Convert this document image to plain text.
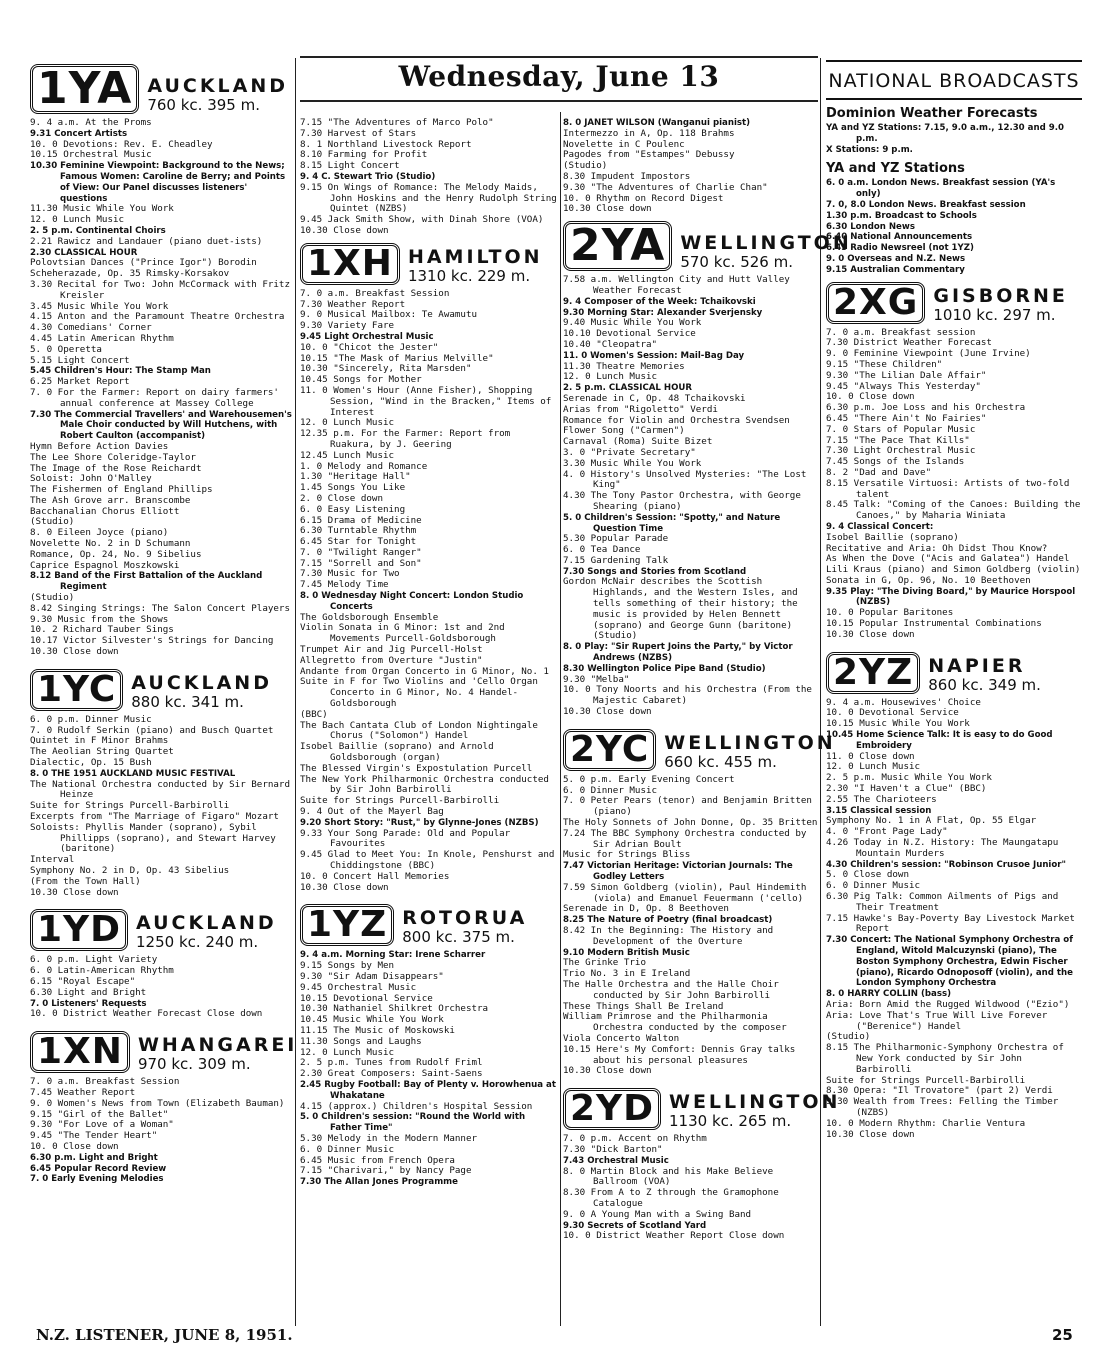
Wednesday, June 13
1YA AUCKLAND
760 kc. 395 m.

9. 4 a.m. At the Proms

9.31 Concert Artists

10. 0 Devotions: Rev. E. Cheadley

10.15 Orchestral Music

10.30 Feminine Viewpoint: Background to the News; Famous Women: Caroline de Berry; and Points of View: Our Panel discusses listeners' questions

11.30 Music While You Work

12. 0 Lunch Music

2. 5 p.m. Continental Choirs

2.21 Rawicz and Landauer (piano duet-ists)

2.30 CLASSICAL HOUR

Polovtsian Dances ("Prince Igor") Borodin

Scheherazade, Op. 35 Rimsky-Korsakov

3.30 Recital for Two: John McCormack with Fritz Kreisler

3.45 Music While You Work

4.15 Anton and the Paramount Theatre Orchestra

4.30 Comedians' Corner

4.45 Latin American Rhythm

5. 0 Operetta

5.15 Light Concert

5.45 Children's Hour: The Stamp Man

6.25 Market Report

7. 0 For the Farmer: Report on dairy farmers' annual conference at Massey College

7.30 The Commercial Travellers' and Warehousemen's Male Choir conducted by Will Hutchens, with Robert Caulton (accompanist)

Hymn Before Action Davies

The Lee Shore Coleridge-Taylor

The Image of the Rose Reichardt

Soloist: John O'Malley

The Fishermen of England Phillips

The Ash Grove arr. Branscombe

Bacchanalian Chorus Elliott

(Studio)

8. 0 Eileen Joyce (piano)

Novelette No. 2 in D Schumann

Romance, Op. 24, No. 9 Sibelius

Caprice Espagnol Moszkowski

8.12 Band of the First Battalion of the Auckland Regiment

(Studio)

8.42 Singing Strings: The Salon Concert Players

9.30 Music from the Shows

10. 2 Richard Tauber Sings

10.17 Victor Silvester's Strings for Dancing

10.30 Close down

1YC AUCKLAND
880 kc. 341 m.

6. 0 p.m. Dinner Music

7. 0 Rudolf Serkin (piano) and Busch Quartet

Quintet in F Minor Brahms

The Aeolian String Quartet

Dialectic, Op. 15 Bush

8. 0 THE 1951 AUCKLAND MUSIC FESTIVAL

The National Orchestra conducted by Sir Bernard Heinze

Suite for Strings Purcell-Barbirolli

Excerpts from "The Marriage of Figaro" Mozart

Soloists: Phyllis Mander (soprano), Sybil Phillipps (soprano), and Stewart Harvey (baritone)

Interval

Symphony No. 2 in D, Op. 43 Sibelius

(From the Town Hall)

10.30 Close down

1YD AUCKLAND
1250 kc. 240 m.

6. 0 p.m. Light Variety

6. 0 Latin-American Rhythm

6.15 "Royal Escape"

6.30 Light and Bright

7. 0 Listeners' Requests

10. 0 District Weather Forecast Close down

1XN WHANGAREI
970 kc. 309 m.

7. 0 a.m. Breakfast Session

7.45 Weather Report

9. 0 Women's News from Town (Elizabeth Bauman)

9.15 "Girl of the Ballet"

9.30 "For Love of a Woman"

9.45 "The Tender Heart"

10. 0 Close down

6.30 p.m. Light and Bright

6.45 Popular Record Review

7. 0 Early Evening Melodies

7.15 "The Adventures of Marco Polo"

7.30 Harvest of Stars

8. 1 Northland Livestock Report

8.10 Farming for Profit

8.15 Light Concert

9. 4 C. Stewart Trio (Studio)

9.15 On Wings of Romance: The Melody Maids, John Hoskins and the Henry Rudolph String Quintet (NZBS)

9.45 Jack Smith Show, with Dinah Shore (VOA)

10.30 Close down

1XH HAMILTON
1310 kc. 229 m.

7. 0 a.m. Breakfast Session

7.30 Weather Report

9. 0 Musical Mailbox: Te Awamutu

9.30 Variety Fare

9.45 Light Orchestral Music

10. 0 "Chicot the Jester"

10.15 "The Mask of Marius Melville"

10.30 "Sincerely, Rita Marsden"

10.45 Songs for Mother

11. 0 Women's Hour (Anne Fisher), Shopping Session, "Wind in the Bracken," Items of Interest

12. 0 Lunch Music

12.35 p.m. For the Farmer: Report from Ruakura, by J. Geering

12.45 Lunch Music

1. 0 Melody and Romance

1.30 "Heritage Hall"

1.45 Songs You Like

2. 0 Close down

6. 0 Easy Listening

6.15 Drama of Medicine

6.30 Turntable Rhythm

6.45 Star for Tonight

7. 0 "Twilight Ranger"

7.15 "Sorrell and Son"

7.30 Music for Two

7.45 Melody Time

8. 0 Wednesday Night Concert: London Studio Concerts

The Goldsborough Ensemble

Violin Sonata in G Minor: 1st and 2nd Movements Purcell-Goldsborough

Trumpet Air and Jig Purcell-Holst

Allegretto from Overture "Justin"

Andante from Organ Concerto in G Minor, No. 1

Suite in F for Two Violins and 'Cello Organ Concerto in G Minor, No. 4 Handel-Goldsborough

(BBC)

The Bach Cantata Club of London Nightingale Chorus ("Solomon") Handel

Isobel Baillie (soprano) and Arnold Goldsborough (organ)

The Blessed Virgin's Expostulation Purcell

The New York Philharmonic Orchestra conducted by Sir John Barbirolli

Suite for Strings Purcell-Barbirolli

9. 4 Out of the Mayerl Bag

9.20 Short Story: "Rust," by Glynne-Jones (NZBS)

9.33 Your Song Parade: Old and Popular Favourites

9.45 Glad to Meet You: In Knole, Penshurst and Chiddingstone (BBC)

10. 0 Concert Hall Memories

10.30 Close down

1YZ ROTORUA
800 kc. 375 m.

9. 4 a.m. Morning Star: Irene Scharrer

9.15 Songs by Men

9.30 "Sir Adam Disappears"

9.45 Orchestral Music

10.15 Devotional Service

10.30 Nathaniel Shilkret Orchestra

10.45 Music While You Work

11.15 The Music of Moskowski

11.30 Songs and Laughs

12. 0 Lunch Music

2. 5 p.m. Tunes from Rudolf Friml

2.30 Great Composers: Saint-Saens

2.45 Rugby Football: Bay of Plenty v. Horowhenua at Whakatane

4.15 (approx.) Children's Hospital Session

5. 0 Children's session: "Round the World with Father Time"

5.30 Melody in the Modern Manner

6. 0 Dinner Music

6.45 Music from French Opera

7.15 "Charivari," by Nancy Page

7.30 The Allan Jones Programme

8. 0 JANET WILSON (Wanganui pianist)

Intermezzo in A, Op. 118 Brahms

Novelette in C Poulenc

Pagodes from "Estampes" Debussy

(Studio)

8.30 Impudent Impostors

9.30 "The Adventures of Charlie Chan"

10. 0 Rhythm on Record Digest

10.30 Close down

2YA WELLINGTON
570 kc. 526 m.

7.58 a.m. Wellington City and Hutt Valley Weather Forecast

9. 4 Composer of the Week: Tchaikovski

9.30 Morning Star: Alexander Sverjensky

9.40 Music While You Work

10.10 Devotional Service

10.40 "Cleopatra"

11. 0 Women's Session: Mail-Bag Day

11.30 Theatre Memories

12. 0 Lunch Music

2. 5 p.m. CLASSICAL HOUR

Serenade in C, Op. 48 Tchaikovski

Arias from "Rigoletto" Verdi

Romance for Violin and Orchestra Svendsen

Flower Song ("Carmen")

Carnaval (Roma) Suite Bizet

3. 0 "Private Secretary"

3.30 Music While You Work

4. 0 History's Unsolved Mysteries: "The Lost King"

4.30 The Tony Pastor Orchestra, with George Shearing (piano)

5. 0 Children's Session: "Spotty," and Nature Question Time

5.30 Popular Parade

6. 0 Tea Dance

7.15 Gardening Talk

7.30 Songs and Stories from Scotland

Gordon McNair describes the Scottish Highlands, and the Western Isles, and tells something of their history; the music is provided by Helen Bennett (soprano) and George Gunn (baritone) (Studio)

8. 0 Play: "Sir Rupert Joins the Party," by Victor Andrews (NZBS)

8.30 Wellington Police Pipe Band (Studio)

9.30 "Melba"

10. 0 Tony Noorts and his Orchestra (From the Majestic Cabaret)

10.30 Close down

2YC WELLINGTON
660 kc. 455 m.

5. 0 p.m. Early Evening Concert

6. 0 Dinner Music

7. 0 Peter Pears (tenor) and Benjamin Britten (piano)

The Holy Sonnets of John Donne, Op. 35 Britten

7.24 The BBC Symphony Orchestra conducted by Sir Adrian Boult

Music for Strings Bliss

7.47 Victorian Heritage: Victorian Journals: The Godley Letters

7.59 Simon Goldberg (violin), Paul Hindemith (viola) and Emanuel Feuermann ('cello)

Serenade in D, Op. 8 Beethoven

8.25 The Nature of Poetry (final broadcast)

8.42 In the Beginning: The History and Development of the Overture

9.10 Modern British Music

The Grinke Trio

Trio No. 3 in E Ireland

The Halle Orchestra and the Halle Choir conducted by Sir John Barbirolli

These Things Shall Be Ireland

William Primrose and the Philharmonia Orchestra conducted by the composer

Viola Concerto Walton

10.15 Here's My Comfort: Dennis Gray talks about his personal pleasures

10.30 Close down

2YD WELLINGTON
1130 kc. 265 m.

7. 0 p.m. Accent on Rhythm

7.30 "Dick Barton"

7.43 Orchestral Music

8. 0 Martin Block and his Make Believe Ballroom (VOA)

8.30 From A to Z through the Gramophone Catalogue

9. 0 A Young Man with a Swing Band

9.30 Secrets of Scotland Yard

10. 0 District Weather Report Close down

NATIONAL BROADCASTS
Dominion Weather Forecasts

YA and YZ Stations: 7.15, 9.0 a.m., 12.30 and 9.0 p.m.

X Stations: 9 p.m.

YA and YZ Stations

6. 0 a.m. London News. Breakfast session (YA's only)

7. 0, 8.0 London News. Breakfast session

1.30 p.m. Broadcast to Schools

6.30 London News

6.40 National Announcements

6.45 Radio Newsreel (not 1YZ)

9. 0 Overseas and N.Z. News

9.15 Australian Commentary

2XG GISBORNE
1010 kc. 297 m.

7. 0 a.m. Breakfast session

7.30 District Weather Forecast

9. 0 Feminine Viewpoint (June Irvine)

9.15 "These Children"

9.30 "The Lilian Dale Affair"

9.45 "Always This Yesterday"

10. 0 Close down

6.30 p.m. Joe Loss and his Orchestra

6.45 "There Ain't No Fairies"

7. 0 Stars of Popular Music

7.15 "The Pace That Kills"

7.30 Light Orchestral Music

7.45 Songs of the Islands

8. 2 "Dad and Dave"

8.15 Versatile Virtuosi: Artists of two-fold talent

8.45 Talk: "Coming of the Canoes: Building the Canoes," by Maharia Winiata

9. 4 Classical Concert:

Isobel Baillie (soprano)

Recitative and Aria: Oh Didst Thou Know?

As When the Dove ("Acis and Galatea") Handel

Lili Kraus (piano) and Simon Goldberg (violin)

Sonata in G, Op. 96, No. 10 Beethoven

9.35 Play: "The Diving Board," by Maurice Horspool (NZBS)

10. 0 Popular Baritones

10.15 Popular Instrumental Combinations

10.30 Close down

2YZ NAPIER
860 kc. 349 m.

9. 4 a.m. Housewives' Choice

10. 0 Devotional Service

10.15 Music While You Work

10.45 Home Science Talk: It is easy to do Good Embroidery

11. 0 Close down

12. 0 Lunch Music

2. 5 p.m. Music While You Work

2.30 "I Haven't a Clue" (BBC)

2.55 The Charioteers

3.15 Classical session

Symphony No. 1 in A Flat, Op. 55 Elgar

4. 0 "Front Page Lady"

4.26 Today in N.Z. History: The Maungatapu Mountain Murders

4.30 Children's session: "Robinson Crusoe Junior"

5. 0 Close down

6. 0 Dinner Music

6.30 Pig Talk: Common Ailments of Pigs and Their Treatment

7.15 Hawke's Bay-Poverty Bay Livestock Market Report

7.30 Concert: The National Symphony Orchestra of England, Witold Malcuzynski (piano), The Boston Symphony Orchestra, Edwin Fischer (piano), Ricardo Odnoposoff (violin), and the London Symphony Orchestra

8. 0 HARRY COLLIN (bass)

Aria: Born Amid the Rugged Wildwood ("Ezio")

Aria: Love That's True Will Live Forever ("Berenice") Handel

(Studio)

8.15 The Philharmonic-Symphony Orchestra of New York conducted by Sir John Barbirolli

Suite for Strings Purcell-Barbirolli

8.30 Opera: "Il Trovatore" (part 2) Verdi

9.30 Wealth from Trees: Felling the Timber (NZBS)

10. 0 Modern Rhythm: Charlie Ventura

10.30 Close down

N.Z. LISTENER, JUNE 8, 1951.	25
